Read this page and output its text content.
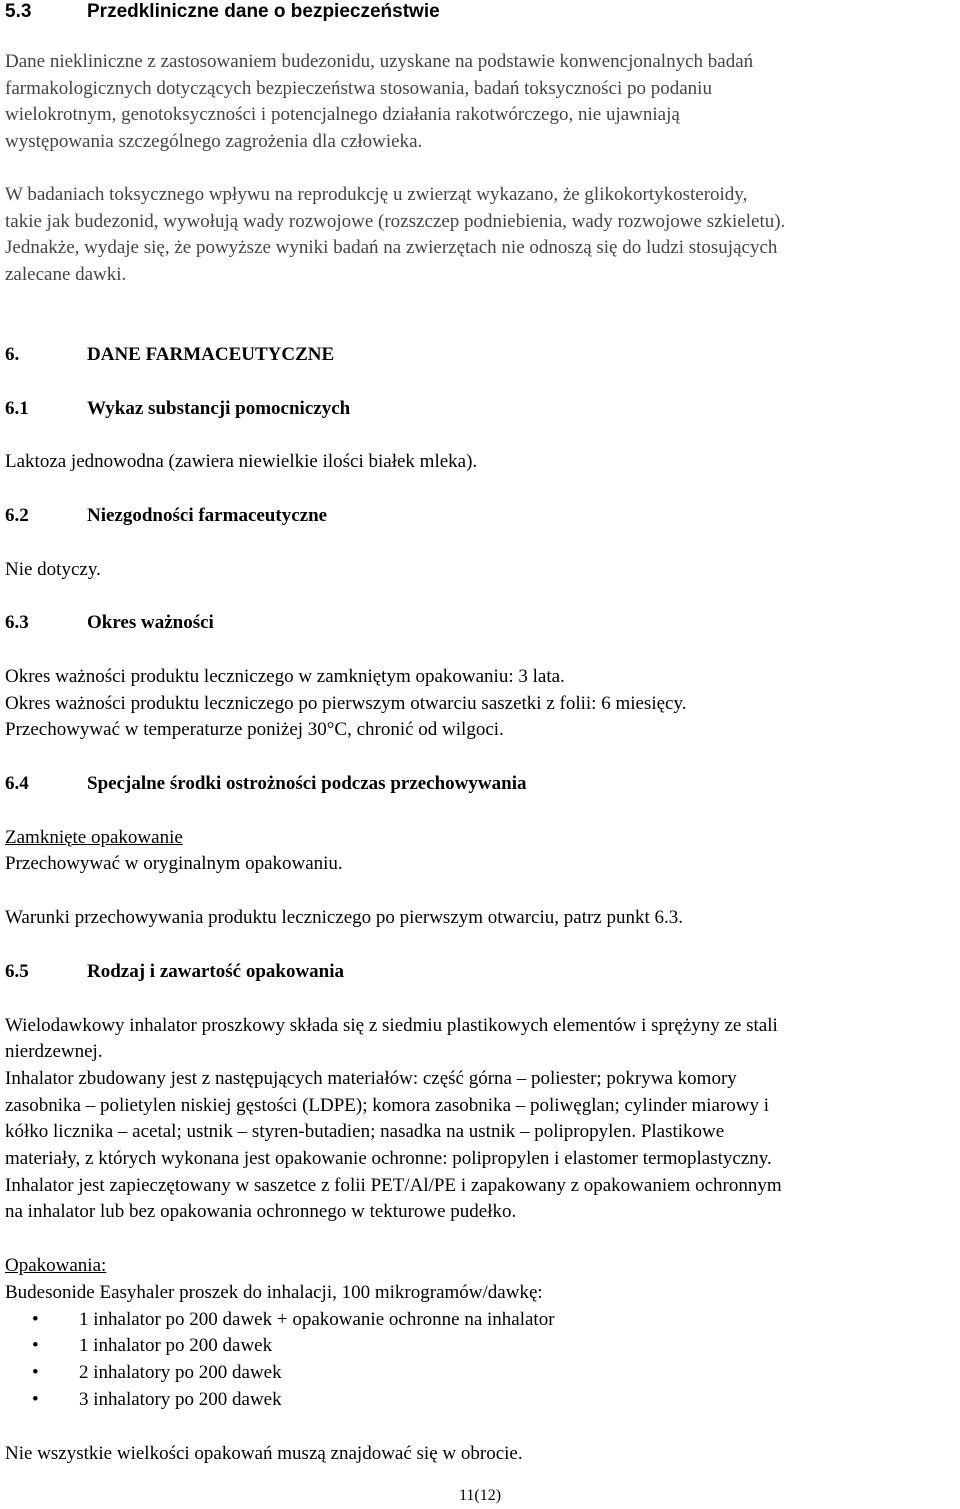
5.3	Przedkliniczne dane o bezpieczeństwie
Dane niekliniczne z zastosowaniem budezonidu, uzyskane na podstawie konwencjonalnych badań
farmakologicznych dotyczących bezpieczeństwa stosowania, badań toksyczności po podaniu
wielokrotnym, genotoksyczności i potencjalnego działania rakotwórczego, nie ujawniają
występowania szczególnego zagrożenia dla człowieka.
W badaniach toksycznego wpływu na reprodukcję u zwierząt wykazano, że glikokortykosteroidy,
takie jak budezonid, wywołują wady rozwojowe (rozszczep podniebienia, wady rozwojowe szkieletu).
Jednakże, wydaje się, że powyższe wyniki badań na zwierzętach nie odnoszą się do ludzi stosujących
zalecane dawki.
6.	DANE FARMACEUTYCZNE
6.1	Wykaz substancji pomocniczych
Laktoza jednowodna (zawiera niewielkie ilości białek mleka).
6.2	Niezgodności farmaceutyczne
Nie dotyczy.
6.3	Okres ważności
Okres ważności produktu leczniczego w zamkniętym opakowaniu: 3 lata.
Okres ważności produktu leczniczego po pierwszym otwarciu saszetki z folii: 6 miesięcy.
Przechowywać w temperaturze poniżej 30°C, chronić od wilgoci.
6.4	Specjalne środki ostrożności podczas przechowywania
Zamknięte opakowanie
Przechowywać w oryginalnym opakowaniu.
Warunki przechowywania produktu leczniczego po pierwszym otwarciu, patrz punkt 6.3.
6.5	Rodzaj i zawartość opakowania
Wielodawkowy inhalator proszkowy składa się z siedmiu plastikowych elementów i sprężyny ze stali
nierdzewnej.
Inhalator zbudowany jest z następujących materiałów: część górna – poliester; pokrywa komory
zasobnika – polietylen niskiej gęstości (LDPE); komora zasobnika – poliwęglan; cylinder miarowy i
kółko licznika – acetal; ustnik – styren-butadien; nasadka na ustnik – polipropylen. Plastikowe
materiały, z których wykonana jest opakowanie ochronne: polipropylen i elastomer termoplastyczny.
Inhalator jest zapieczętowany w saszetce z folii PET/Al/PE i zapakowany z opakowaniem ochronnym
na inhalator lub bez opakowania ochronnego w tekturowe pudełko.
Opakowania:
Budesonide Easyhaler proszek do inhalacji, 100 mikrogramów/dawkę:
• 1 inhalator po 200 dawek + opakowanie ochronne na inhalator
• 1 inhalator po 200 dawek
• 2 inhalatory po 200 dawek
• 3 inhalatory po 200 dawek
Nie wszystkie wielkości opakowań muszą znajdować się w obrocie.
11(12)
